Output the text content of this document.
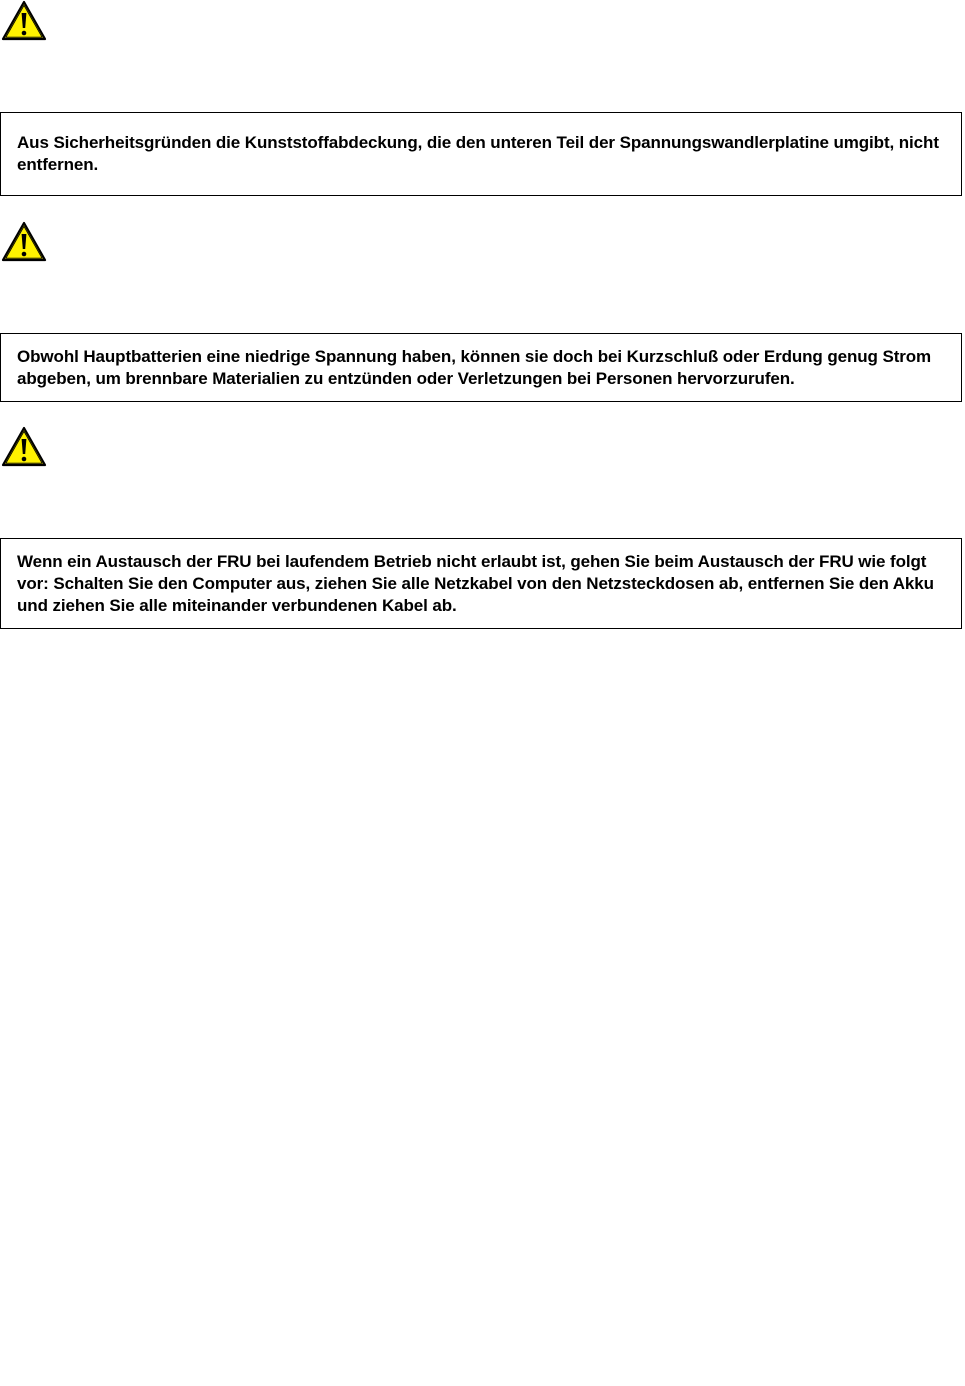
Aus Sicherheitsgründen die Kunststoffabdeckung, die den unteren Teil der Spannungswandlerplatine umgibt, nicht entfernen.

Obwohl Hauptbatterien eine niedrige Spannung haben, können sie doch bei Kurzschluß oder Erdung genug Strom abgeben, um brennbare Materialien zu entzünden oder Verletzungen bei Personen hervorzurufen.

Wenn ein Austausch der FRU bei laufendem Betrieb nicht erlaubt ist, gehen Sie beim Austausch der FRU wie folgt vor: Schalten Sie den Computer aus, ziehen Sie alle Netzkabel von den Netzsteckdosen ab, entfernen Sie den Akku und ziehen Sie alle miteinander verbundenen Kabel ab.
